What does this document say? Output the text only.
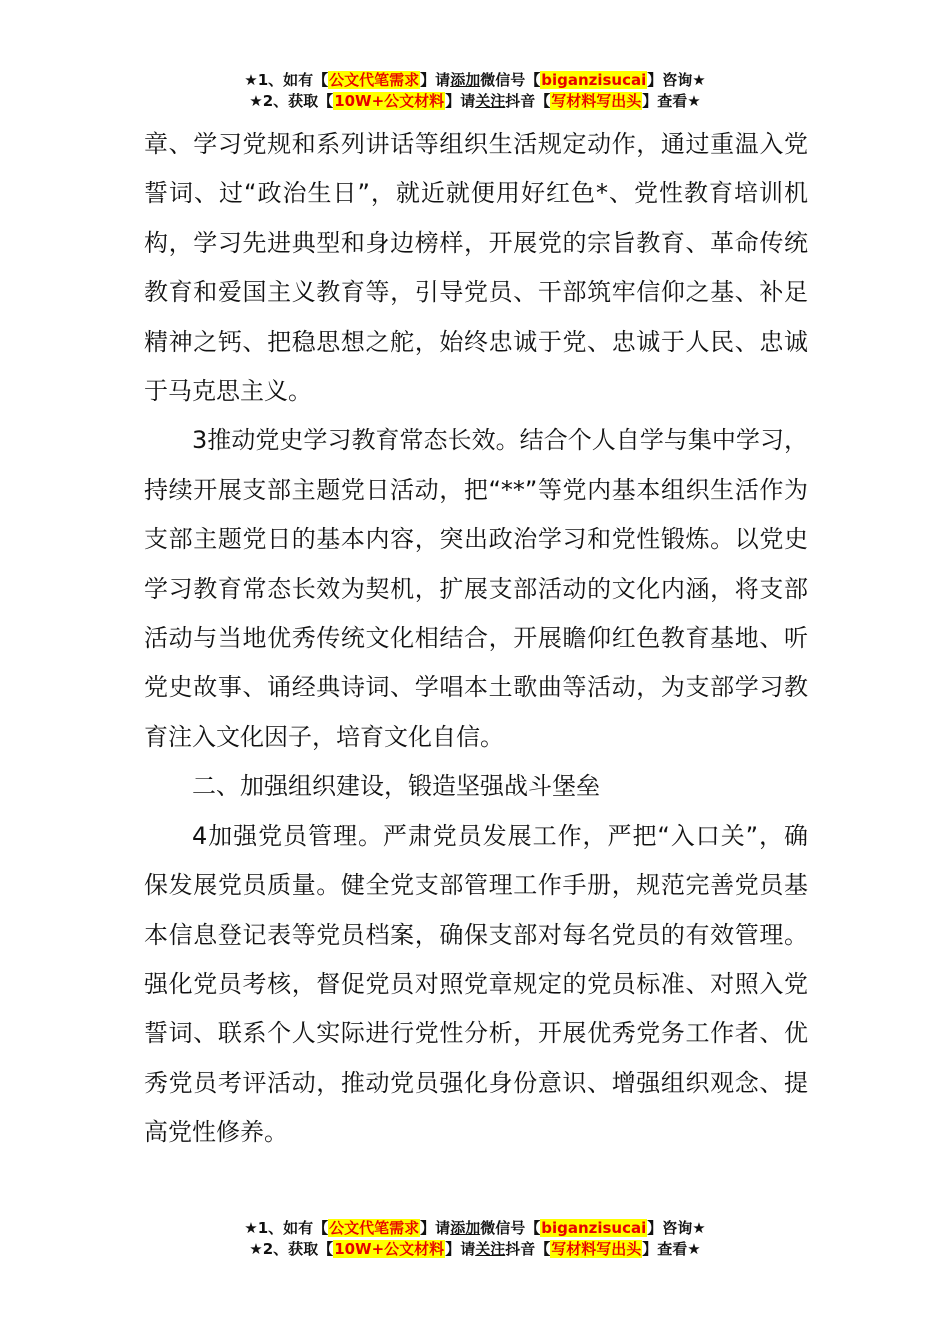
★1、如有【公文代笔需求】请添加微信号【biganzisucai】咨询★
★2、获取【10W+公文材料】请关注抖音【写材料写出头】查看★

章、学习党规和系列讲话等组织生活规定动作，通过重温入党誓词、过“政治生日”，就近就便用好红色*、党性教育培训机构，学习先进典型和身边榜样，开展党的宗旨教育、革命传统教育和爱国主义教育等，引导党员、干部筑牢信仰之基、补足精神之钙、把稳思想之舵，始终忠诚于党、忠诚于人民、忠诚于马克思主义。

3推动党史学习教育常态长效。结合个人自学与集中学习，持续开展支部主题党日活动，把“**”等党内基本组织生活作为支部主题党日的基本内容，突出政治学习和党性锻炼。以党史学习教育常态长效为契机，扩展支部活动的文化内涵，将支部活动与当地优秀传统文化相结合，开展瞻仰红色教育基地、听党史故事、诵经典诗词、学唱本土歌曲等活动，为支部学习教育注入文化因子，培育文化自信。

二、加强组织建设，锻造坚强战斗堡垒

4加强党员管理。严肃党员发展工作，严把“入口关”，确保发展党员质量。健全党支部管理工作手册，规范完善党员基本信息登记表等党员档案，确保支部对每名党员的有效管理。强化党员考核，督促党员对照党章规定的党员标准、对照入党誓词、联系个人实际进行党性分析，开展优秀党务工作者、优秀党员考评活动，推动党员强化身份意识、增强组织观念、提高党性修养。

★1、如有【公文代笔需求】请添加微信号【biganzisucai】咨询★
★2、获取【10W+公文材料】请关注抖音【写材料写出头】查看★
